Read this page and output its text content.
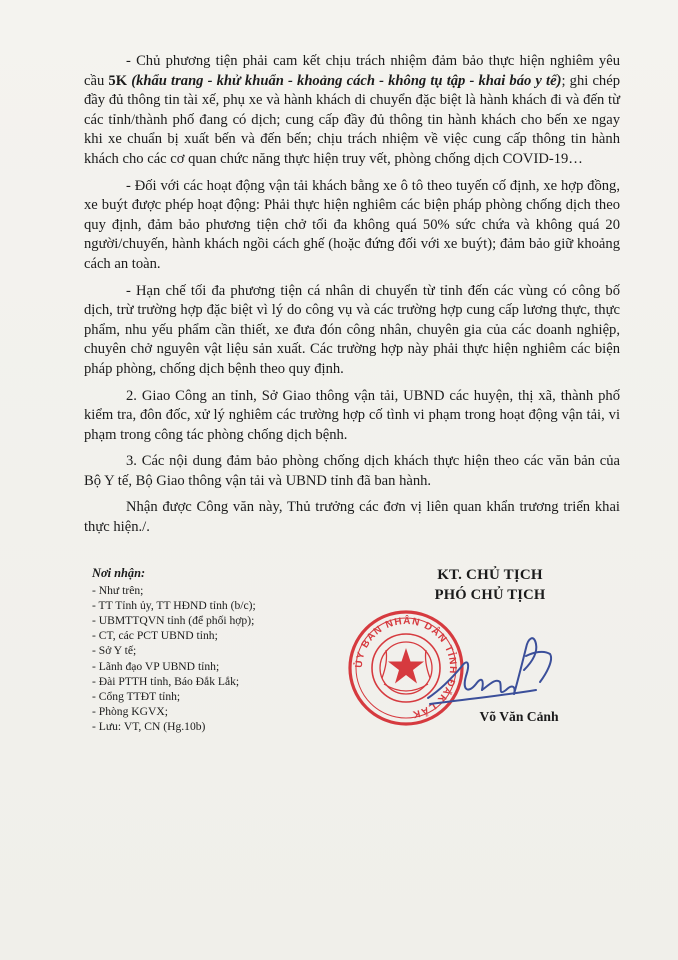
- Chủ phương tiện phải cam kết chịu trách nhiệm đảm bảo thực hiện nghiêm yêu cầu 5K (khẩu trang - khử khuẩn - khoảng cách - không tụ tập - khai báo y tế); ghi chép đầy đủ thông tin tài xế, phụ xe và hành khách di chuyển đặc biệt là hành khách đi và đến từ các tỉnh/thành phố đang có dịch; cung cấp đầy đủ thông tin hành khách cho bến xe ngay khi xe chuẩn bị xuất bến và đến bến; chịu trách nhiệm về việc cung cấp thông tin hành khách cho các cơ quan chức năng thực hiện truy vết, phòng chống dịch COVID-19…

- Đối với các hoạt động vận tải khách bằng xe ô tô theo tuyến cố định, xe hợp đồng, xe buýt được phép hoạt động: Phải thực hiện nghiêm các biện pháp phòng chống dịch theo quy định, đảm bảo phương tiện chở tối đa không quá 50% sức chứa và không quá 20 người/chuyến, hành khách ngồi cách ghế (hoặc đứng đối với xe buýt); đảm bảo giữ khoảng cách an toàn.

- Hạn chế tối đa phương tiện cá nhân di chuyển từ tỉnh đến các vùng có công bố dịch, trừ trường hợp đặc biệt vì lý do công vụ và các trường hợp cung cấp lương thực, thực phẩm, nhu yếu phẩm cần thiết, xe đưa đón công nhân, chuyên gia của các doanh nghiệp, chuyên chở nguyên vật liệu sản xuất. Các trường hợp này phải thực hiện nghiêm các biện pháp phòng, chống dịch bệnh theo quy định.

2. Giao Công an tỉnh, Sở Giao thông vận tải, UBND các huyện, thị xã, thành phố kiểm tra, đôn đốc, xử lý nghiêm các trường hợp cố tình vi phạm trong hoạt động vận tải, vi phạm trong công tác phòng chống dịch bệnh.

3. Các nội dung đảm bảo phòng chống dịch khách thực hiện theo các văn bản của Bộ Y tế, Bộ Giao thông vận tải và UBND tỉnh đã ban hành.

Nhận được Công văn này, Thủ trưởng các đơn vị liên quan khẩn trương triển khai thực hiện./.

Nơi nhận:
- Như trên;
- TT Tỉnh ủy, TT HĐND tỉnh (b/c);
- UBMTTQVN tỉnh (để phối hợp);
- CT, các PCT UBND tỉnh;
- Sở Y tế;
- Lãnh đạo VP UBND tỉnh;
- Đài PTTH tỉnh, Báo Đắk Lắk;
- Cổng TTĐT tỉnh;
- Phòng KGVX;
- Lưu: VT, CN (Hg.10b)
KT. CHỦ TỊCH
PHÓ CHỦ TỊCH
ỦY BAN NHÂN DÂN TỈNH ĐẮK LẮK	Võ Văn Cảnh
